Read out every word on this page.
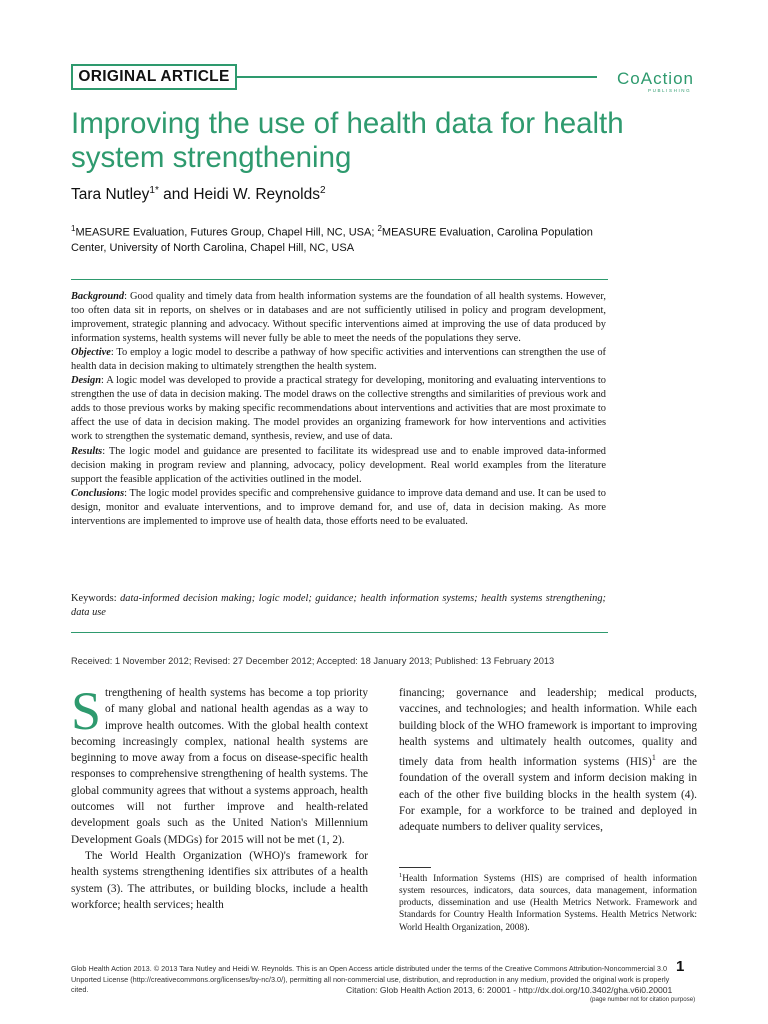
ORIGINAL ARTICLE	CoAction
PUBLISHING
Improving the use of health data for health system strengthening
Tara Nutley$^{1*}$ and Heidi W. Reynolds$^2$
$^1$MEASURE Evaluation, Futures Group, Chapel Hill, NC, USA; $^2$MEASURE Evaluation, Carolina Population Center, University of North Carolina, Chapel Hill, NC, USA

Background: Good quality and timely data from health information systems are the foundation of all health systems. However, too often data sit in reports, on shelves or in databases and are not sufficiently utilised in policy and program development, improvement, strategic planning and advocacy. Without specific interventions aimed at improving the use of data produced by information systems, health systems will never fully be able to meet the needs of the populations they serve.

Objective: To employ a logic model to describe a pathway of how specific activities and interventions can strengthen the use of health data in decision making to ultimately strengthen the health system.

Design: A logic model was developed to provide a practical strategy for developing, monitoring and evaluating interventions to strengthen the use of data in decision making. The model draws on the collective strengths and similarities of previous work and adds to those previous works by making specific recommendations about interventions and activities that are most proximate to affect the use of data in decision making. The model provides an organizing framework for how interventions and activities work to strengthen the systematic demand, synthesis, review, and use of data.

Results: The logic model and guidance are presented to facilitate its widespread use and to enable improved data-informed decision making in program review and planning, advocacy, policy development. Real world examples from the literature support the feasible application of the activities outlined in the model.

Conclusions: The logic model provides specific and comprehensive guidance to improve data demand and use. It can be used to design, monitor and evaluate interventions, and to improve demand for, and use of, data in decision making. As more interventions are implemented to improve use of health data, those efforts need to be evaluated.

Keywords: data-informed decision making; logic model; guidance; health information systems; health systems strengthening; data use
Received: 1 November 2012; Revised: 27 December 2012; Accepted: 18 January 2013; Published: 13 February 2013

Strengthening of health systems has become a top priority of many global and national health agendas as a way to improve health outcomes. With the global health context becoming increasingly complex, national health systems are beginning to move away from a focus on disease-specific health responses to comprehensive strengthening of health systems. The global community agrees that without a systems approach, health outcomes will not further improve and health-related development goals such as the United Nation's Millennium Development Goals (MDGs) for 2015 will not be met (1, 2).

The World Health Organization (WHO)'s framework for health systems strengthening identifies six attributes of a health system (3). The attributes, or building blocks, include a health workforce; health services; health

financing; governance and leadership; medical products, vaccines, and technologies; and health information. While each building block of the WHO framework is important to improving health systems and ultimately health outcomes, quality and timely data from health information systems (HIS)$^1$ are the foundation of the overall system and inform decision making in each of the other five building blocks in the health system (4). For example, for a workforce to be trained and deployed in adequate numbers to deliver quality services,

$^1$Health Information Systems (HIS) are comprised of health information system resources, indicators, data sources, data management, information products, dissemination and use (Health Metrics Network. Framework and Standards for Country Health Information Systems. Health Metrics Network: World Health Organization, 2008).
Glob Health Action 2013. © 2013 Tara Nutley and Heidi W. Reynolds. This is an Open Access article distributed under the terms of the Creative Commons Attribution-Noncommercial 3.0 Unported License (http://creativecommons.org/licenses/by-nc/3.0/), permitting all non-commercial use, distribution, and reproduction in any medium, provided the original work is properly cited.
1
Citation: Glob Health Action 2013, 6: 20001 - http://dx.doi.org/10.3402/gha.v6i0.20001
(page number not for citation purpose)
